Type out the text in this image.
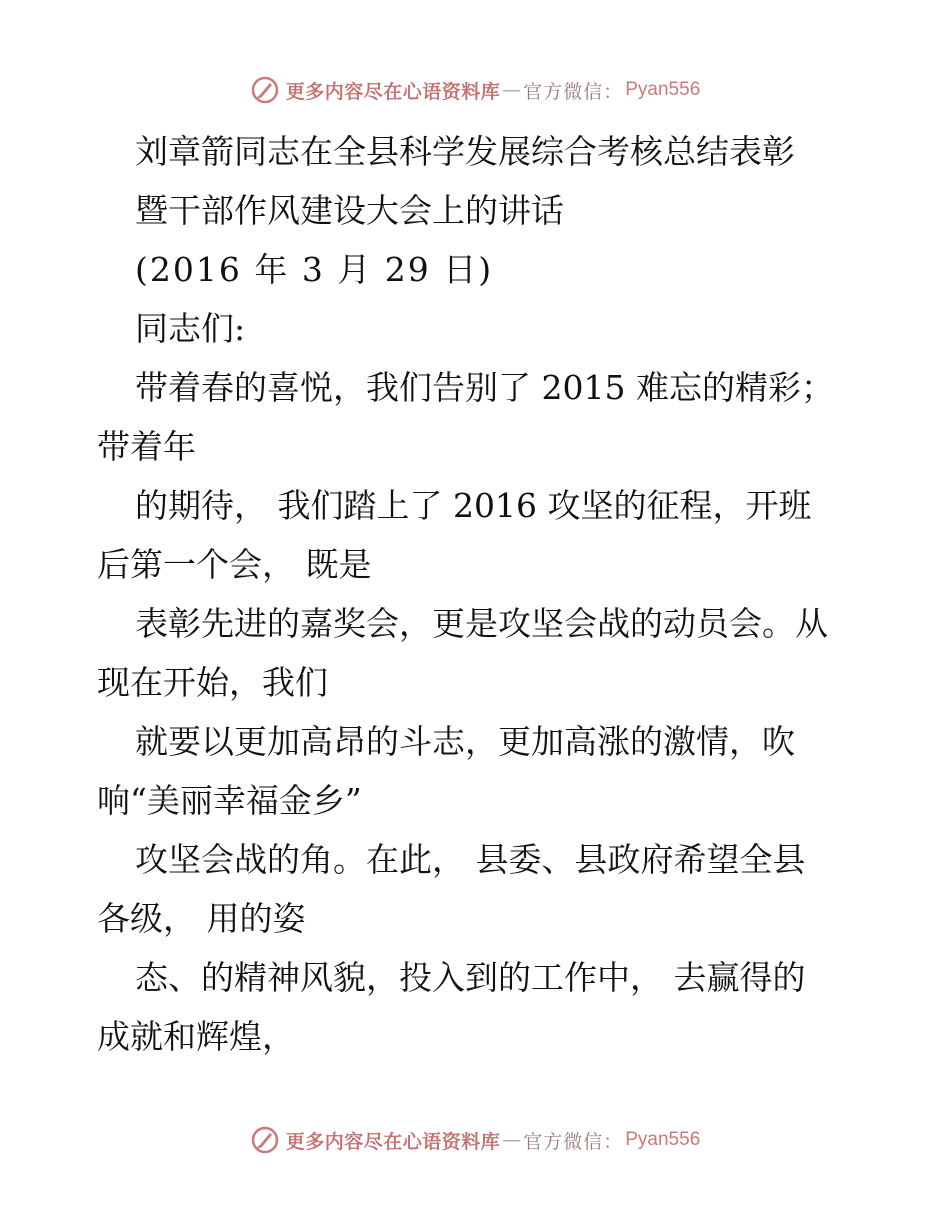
更多内容尽在心语资料库 — 官方微信： Pyan556
刘章箭同志在全县科学发展综合考核总结表彰
暨干部作风建设大会上的讲话
(2016 年 3 月 29 日)
同志们:
带着春的喜悦，我们告别了 2015 难忘的精彩；
带着年
的期待， 我们踏上了 2016 攻坚的征程，开班
后第一个会， 既是
表彰先进的嘉奖会，更是攻坚会战的动员会。从
现在开始，我们
就要以更加高昂的斗志，更加高涨的激情，吹
响“美丽幸福金乡”
攻坚会战的角。在此， 县委、县政府希望全县
各级， 用的姿
态、的精神风貌，投入到的工作中， 去赢得的
成就和辉煌，
更多内容尽在心语资料库 — 官方微信： Pyan556
